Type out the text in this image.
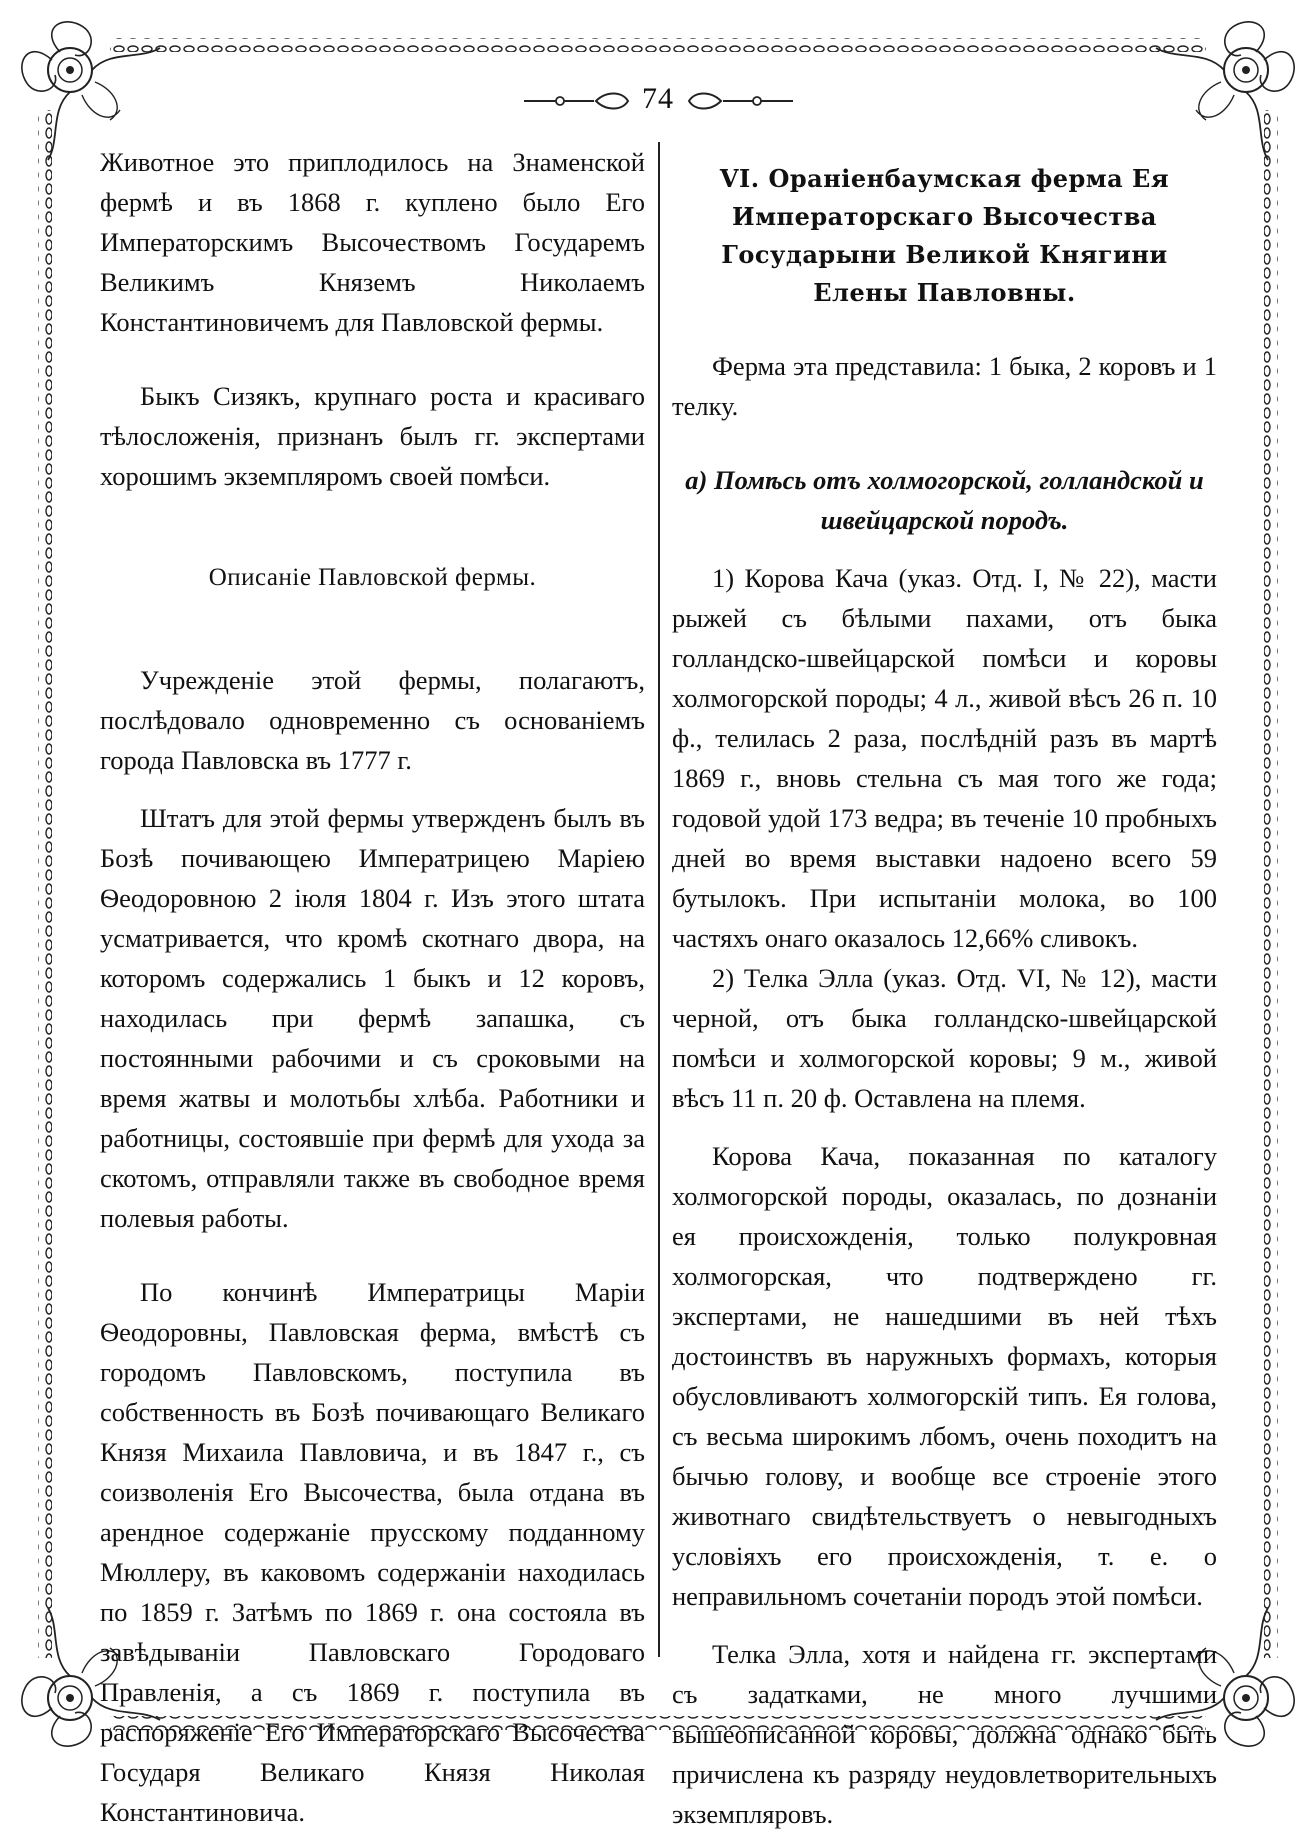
74

Животное это приплодилось на Знаменской фермѣ и въ 1868 г. куплено было Его Императорскимъ Высочествомъ Государемъ Великимъ Княземъ Николаемъ Константиновичемъ для Павловской фермы.

Быкъ Сизякъ, крупнаго роста и красиваго тѣлосложенія, признанъ былъ гг. экспертами хорошимъ экземпляромъ своей помѣси.

Описаніе Павловской фермы.

Учрежденіе этой фермы, полагаютъ, послѣдовало одновременно съ основаніемъ города Павловска въ 1777 г.

Штатъ для этой фермы утвержденъ былъ въ Бозѣ почивающею Императрицею Маріею Ѳеодоровною 2 іюля 1804 г. Изъ этого штата усматривается, что кромѣ скотнаго двора, на которомъ содержались 1 быкъ и 12 коровъ, находилась при фермѣ запашка, съ постоянными рабочими и съ сроковыми на время жатвы и молотьбы хлѣба. Работники и работницы, состоявшіе при фермѣ для ухода за скотомъ, отправляли также въ свободное время полевыя работы.

По кончинѣ Императрицы Маріи Ѳеодоровны, Павловская ферма, вмѣстѣ съ городомъ Павловскомъ, поступила въ собственность въ Бозѣ почивающаго Великаго Князя Михаила Павловича, и въ 1847 г., съ соизволенія Его Высочества, была отдана въ арендное содержаніе прусскому подданному Мюллеру, въ каковомъ содержаніи находилась по 1859 г. Затѣмъ по 1869 г. она состояла въ завѣдываніи Павловскаго Городоваго Правленія, а съ 1869 г. поступила въ распоряженіе Его Императорскаго Высочества Государя Великаго Князя Николая Константиновича.

VI. Ораніенбаумская ферма Ея Императорскаго Высочества Государыни Великой Княгини Елены Павловны.

Ферма эта представила: 1 быка, 2 коровъ и 1 телку.

а) Помѣсь отъ холмогорской, голландской и швейцарской породъ.

1) Корова Кача (указ. Отд. I, № 22), масти рыжей съ бѣлыми пахами, отъ быка голландско-швейцарской помѣси и коровы холмогорской породы; 4 л., живой вѣсъ 26 п. 10 ф., телилась 2 раза, послѣдній разъ въ мартѣ 1869 г., вновь стельна съ мая того же года; годовой удой 173 ведра; въ теченіе 10 пробныхъ дней во время выставки надоено всего 59 бутылокъ. При испытаніи молока, во 100 частяхъ онаго оказалось 12,66% сливокъ.

2) Телка Элла (указ. Отд. VI, № 12), масти черной, отъ быка голландско-швейцарской помѣси и холмогорской коровы; 9 м., живой вѣсъ 11 п. 20 ф. Оставлена на племя.

Корова Кача, показанная по каталогу холмогорской породы, оказалась, по дознаніи ея происхожденія, только полукровная холмогорская, что подтверждено гг. экспертами, не нашедшими въ ней тѣхъ достоинствъ въ наружныхъ формахъ, которыя обусловливаютъ холмогорскій типъ. Ея голова, съ весьма широкимъ лбомъ, очень походитъ на бычью голову, и вообще все строеніе этого животнаго свидѣтельствуетъ о невыгодныхъ условіяхъ его происхожденія, т. е. о неправильномъ сочетаніи породъ этой помѣси.

Телка Элла, хотя и найдена гг. экспертами съ задатками, не много лучшими вышеописанной коровы, должна однако быть причислена къ разряду неудовлетворительныхъ экземпляровъ.
